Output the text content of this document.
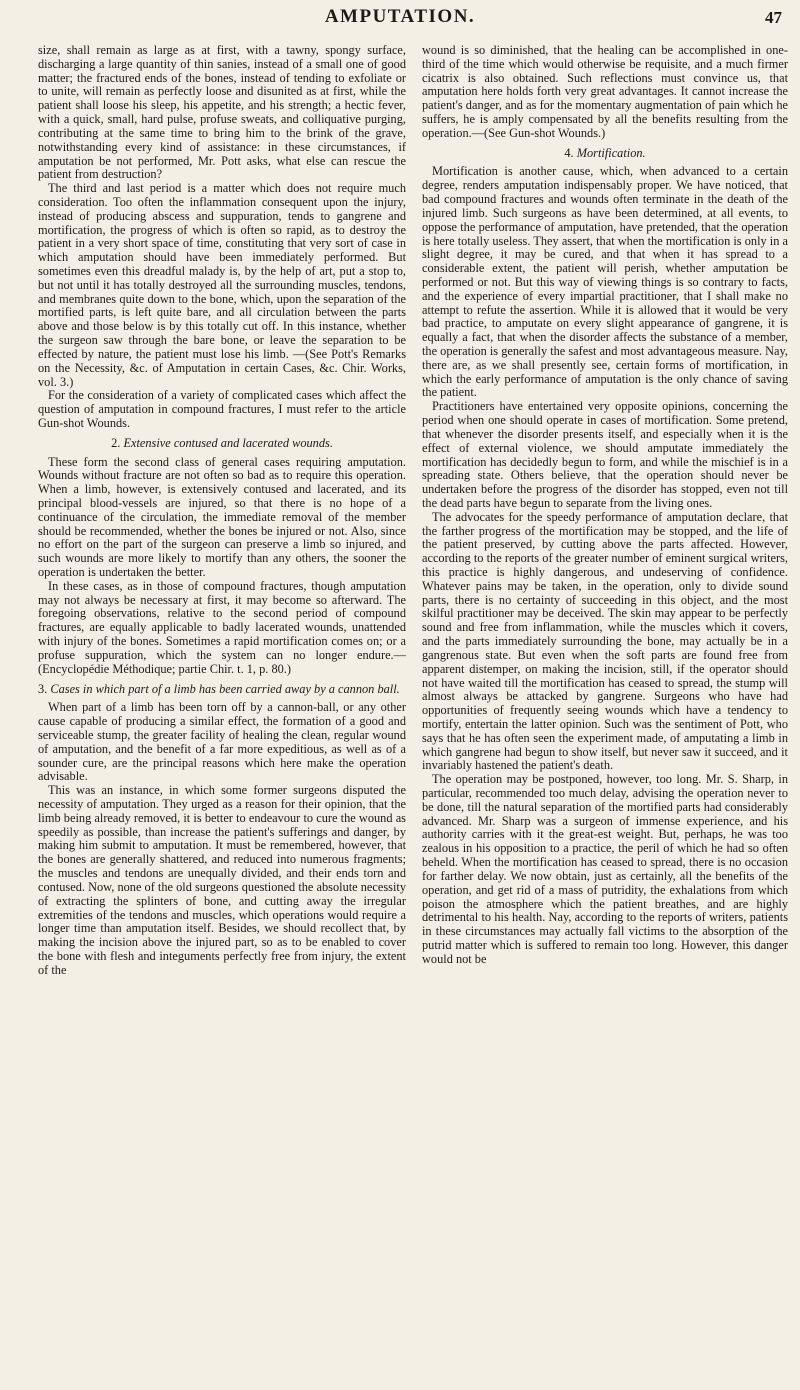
AMPUTATION.	47

size, shall remain as large as at first, with a tawny, spongy surface, discharging a large quantity of thin sanies, instead of a small one of good matter; the fractured ends of the bones, instead of tending to exfoliate or to unite, will remain as perfectly loose and disunited as at first, while the patient shall loose his sleep, his appetite, and his strength; a hectic fever, with a quick, small, hard pulse, profuse sweats, and colliquative purging, contributing at the same time to bring him to the brink of the grave, notwithstanding every kind of assistance: in these circumstances, if amputation be not performed, Mr. Pott asks, what else can rescue the patient from destruction?

The third and last period is a matter which does not require much consideration. Too often the inflammation consequent upon the injury, instead of producing abscess and suppuration, tends to gangrene and mortification, the progress of which is often so rapid, as to destroy the patient in a very short space of time, constituting that very sort of case in which amputation should have been immediately performed. But sometimes even this dreadful malady is, by the help of art, put a stop to, but not until it has totally destroyed all the surrounding muscles, tendons, and membranes quite down to the bone, which, upon the separation of the mortified parts, is left quite bare, and all circulation between the parts above and those below is by this totally cut off. In this instance, whether the surgeon saw through the bare bone, or leave the separation to be effected by nature, the patient must lose his limb. —(See Pott's Remarks on the Necessity, &c. of Amputation in certain Cases, &c. Chir. Works, vol. 3.)

For the consideration of a variety of complicated cases which affect the question of amputation in compound fractures, I must refer to the article Gun-shot Wounds.

2. Extensive contused and lacerated wounds.

These form the second class of general cases requiring amputation. Wounds without fracture are not often so bad as to require this operation. When a limb, however, is extensively contused and lacerated, and its principal blood-vessels are injured, so that there is no hope of a continuance of the circulation, the immediate removal of the member should be recommended, whether the bones be injured or not. Also, since no effort on the part of the surgeon can preserve a limb so injured, and such wounds are more likely to mortify than any others, the sooner the operation is undertaken the better.

In these cases, as in those of compound fractures, though amputation may not always be necessary at first, it may become so afterward. The foregoing observations, relative to the second period of compound fractures, are equally applicable to badly lacerated wounds, unattended with injury of the bones. Sometimes a rapid mortification comes on; or a profuse suppuration, which the system can no longer endure.— (Encyclopédie Méthodique; partie Chir. t. 1, p. 80.)

3. Cases in which part of a limb has been carried away by a cannon ball.

When part of a limb has been torn off by a cannon-ball, or any other cause capable of producing a similar effect, the formation of a good and serviceable stump, the greater facility of healing the clean, regular wound of amputation, and the benefit of a far more expeditious, as well as of a sounder cure, are the principal reasons which here make the operation advisable.

This was an instance, in which some former surgeons disputed the necessity of amputation. They urged as a reason for their opinion, that the limb being already removed, it is better to endeavour to cure the wound as speedily as possible, than increase the patient's sufferings and danger, by making him submit to amputation. It must be remembered, however, that the bones are generally shattered, and reduced into numerous fragments; the muscles and tendons are unequally divided, and their ends torn and contused. Now, none of the old surgeons questioned the absolute necessity of extracting the splinters of bone, and cutting away the irregular extremities of the tendons and muscles, which operations would require a longer time than amputation itself. Besides, we should recollect that, by making the incision above the injured part, so as to be enabled to cover the bone with flesh and integuments perfectly free from injury, the extent of the

wound is so diminished, that the healing can be accomplished in one-third of the time which would otherwise be requisite, and a much firmer cicatrix is also obtained. Such reflections must convince us, that amputation here holds forth very great advantages. It cannot increase the patient's danger, and as for the momentary augmentation of pain which he suffers, he is amply compensated by all the benefits resulting from the operation.—(See Gun-shot Wounds.)

4. Mortification.

Mortification is another cause, which, when advanced to a certain degree, renders amputation indispensably proper. We have noticed, that bad compound fractures and wounds often terminate in the death of the injured limb. Such surgeons as have been determined, at all events, to oppose the performance of amputation, have pretended, that the operation is here totally useless. They assert, that when the mortification is only in a slight degree, it may be cured, and that when it has spread to a considerable extent, the patient will perish, whether amputation be performed or not. But this way of viewing things is so contrary to facts, and the experience of every impartial practitioner, that I shall make no attempt to refute the assertion. While it is allowed that it would be very bad practice, to amputate on every slight appearance of gangrene, it is equally a fact, that when the disorder affects the substance of a member, the operation is generally the safest and most advantageous measure. Nay, there are, as we shall presently see, certain forms of mortification, in which the early performance of amputation is the only chance of saving the patient.

Practitioners have entertained very opposite opinions, concerning the period when one should operate in cases of mortification. Some pretend, that whenever the disorder presents itself, and especially when it is the effect of external violence, we should amputate immediately the mortification has decidedly begun to form, and while the mischief is in a spreading state. Others believe, that the operation should never be undertaken before the progress of the disorder has stopped, even not till the dead parts have begun to separate from the living ones.

The advocates for the speedy performance of amputation declare, that the farther progress of the mortification may be stopped, and the life of the patient preserved, by cutting above the parts affected. However, according to the reports of the greater number of eminent surgical writers, this practice is highly dangerous, and undeserving of confidence. Whatever pains may be taken, in the operation, only to divide sound parts, there is no certainty of succeeding in this object, and the most skilful practitioner may be deceived. The skin may appear to be perfectly sound and free from inflammation, while the muscles which it covers, and the parts immediately surrounding the bone, may actually be in a gangrenous state. But even when the soft parts are found free from apparent distemper, on making the incision, still, if the operator should not have waited till the mortification has ceased to spread, the stump will almost always be attacked by gangrene. Surgeons who have had opportunities of frequently seeing wounds which have a tendency to mortify, entertain the latter opinion. Such was the sentiment of Pott, who says that he has often seen the experiment made, of amputating a limb in which gangrene had begun to show itself, but never saw it succeed, and it invariably hastened the patient's death.

The operation may be postponed, however, too long. Mr. S. Sharp, in particular, recommended too much delay, advising the operation never to be done, till the natural separation of the mortified parts had considerably advanced. Mr. Sharp was a surgeon of immense experience, and his authority carries with it the great-est weight. But, perhaps, he was too zealous in his opposition to a practice, the peril of which he had so often beheld. When the mortification has ceased to spread, there is no occasion for farther delay. We now obtain, just as certainly, all the benefits of the operation, and get rid of a mass of putridity, the exhalations from which poison the atmosphere which the patient breathes, and are highly detrimental to his health. Nay, according to the reports of writers, patients in these circumstances may actually fall victims to the absorption of the putrid matter which is suffered to remain too long. However, this danger would not be
